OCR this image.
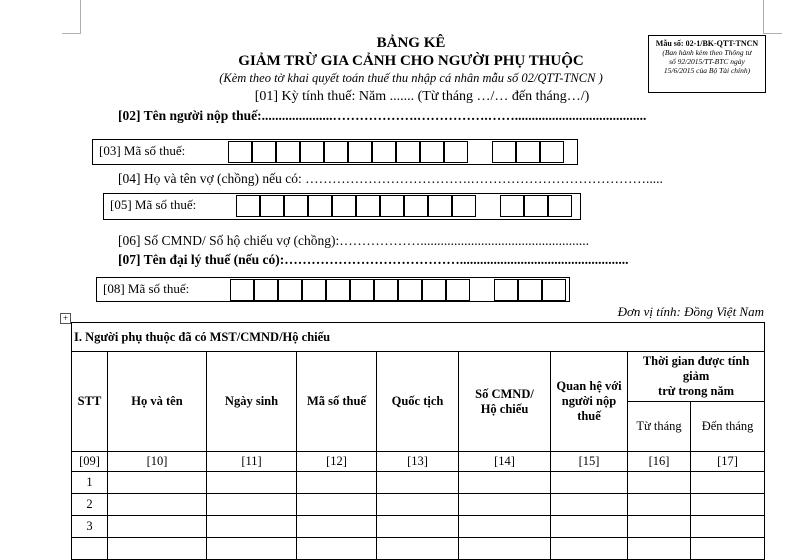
Mẫu số: 02-1/BK-QTT-TNCN
(Ban hành kèm theo Thông tư
số 92/2015/TT-BTC ngày
15/6/2015 của Bộ Tài chính)
BẢNG KÊ
GIẢM TRỪ GIA CẢNH CHO NGƯỜI PHỤ THUỘC
(Kèm theo tờ khai quyết toán thuế thu nhập cá nhân mẫu số 02/QTT-TNCN )
[01] Kỳ tính thuế: Năm ....... (Từ tháng …/… đến tháng…/)
[02] Tên người nộp thuế:.....................……………….…………….…….......................................
[03] Mã số thuế:
[04] Họ và tên vợ (chồng) nếu có: ……………………………….………………………………….....
[05] Mã số thuế:
[06] Số CMND/ Số hộ chiếu vợ (chồng):………………..................................................
[07] Tên đại lý thuế (nếu có):…………………………………..................................................
[08] Mã số thuế:
Đơn vị tính: Đồng Việt Nam
+
I. Người phụ thuộc đã có MST/CMND/Hộ chiếu								
STT	Họ và tên	Ngày sinh	Mã số thuế	Quốc tịch	Số CMND/
Hộ chiếu	Quan hệ với
người nộp
thuế	Thời gian được tính giảm
trừ trong năm	
							Từ tháng	Đến tháng
[09]	[10]	[11]	[12]	[13]	[14]	[15]	[16]	[17]
1								
2								
3								
